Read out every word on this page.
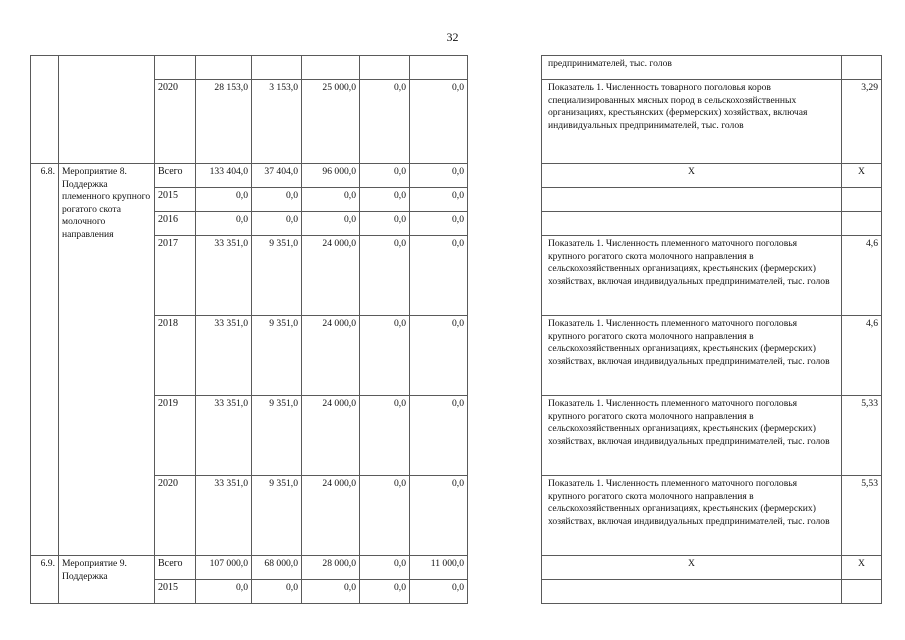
32
									предпринимателей, тыс. голов	
		2020	28 153,0	3 153,0	25 000,0	0,0	0,0		Показатель 1. Численность товарного поголовья коров специализированных мясных пород в сельскохозяйственных организациях, крестьянских (фермерских) хозяйствах, включая индивидуальных предпринимателей, тыс. голов	3,29
6.8.	Мероприятие 8. Поддержка племенного крупного рогатого скота молочного направления	Всего	133 404,0	37 404,0	96 000,0	0,0	0,0		X	X
		2015	0,0	0,0	0,0	0,0	0,0			
		2016	0,0	0,0	0,0	0,0	0,0			
		2017	33 351,0	9 351,0	24 000,0	0,0	0,0		Показатель 1. Численность племенного маточного поголовья крупного рогатого скота молочного направления в сельскохозяйственных организациях, крестьянских (фермерских) хозяйствах, включая индивидуальных предпринимателей, тыс. голов	4,6
		2018	33 351,0	9 351,0	24 000,0	0,0	0,0		Показатель 1. Численность племенного маточного поголовья крупного рогатого скота молочного направления в сельскохозяйственных организациях, крестьянских (фермерских) хозяйствах, включая индивидуальных предпринимателей, тыс. голов	4,6
		2019	33 351,0	9 351,0	24 000,0	0,0	0,0		Показатель 1. Численность племенного маточного поголовья крупного рогатого скота молочного направления в сельскохозяйственных организациях, крестьянских (фермерских) хозяйствах, включая индивидуальных предпринимателей, тыс. голов	5,33
		2020	33 351,0	9 351,0	24 000,0	0,0	0,0		Показатель 1. Численность племенного маточного поголовья крупного рогатого скота молочного направления в сельскохозяйственных организациях, крестьянских (фермерских) хозяйствах, включая индивидуальных предпринимателей, тыс. голов	5,53
6.9.	Мероприятие 9. Поддержка	Всего	107 000,0	68 000,0	28 000,0	0,0	11 000,0		X	X
		2015	0,0	0,0	0,0	0,0	0,0			
